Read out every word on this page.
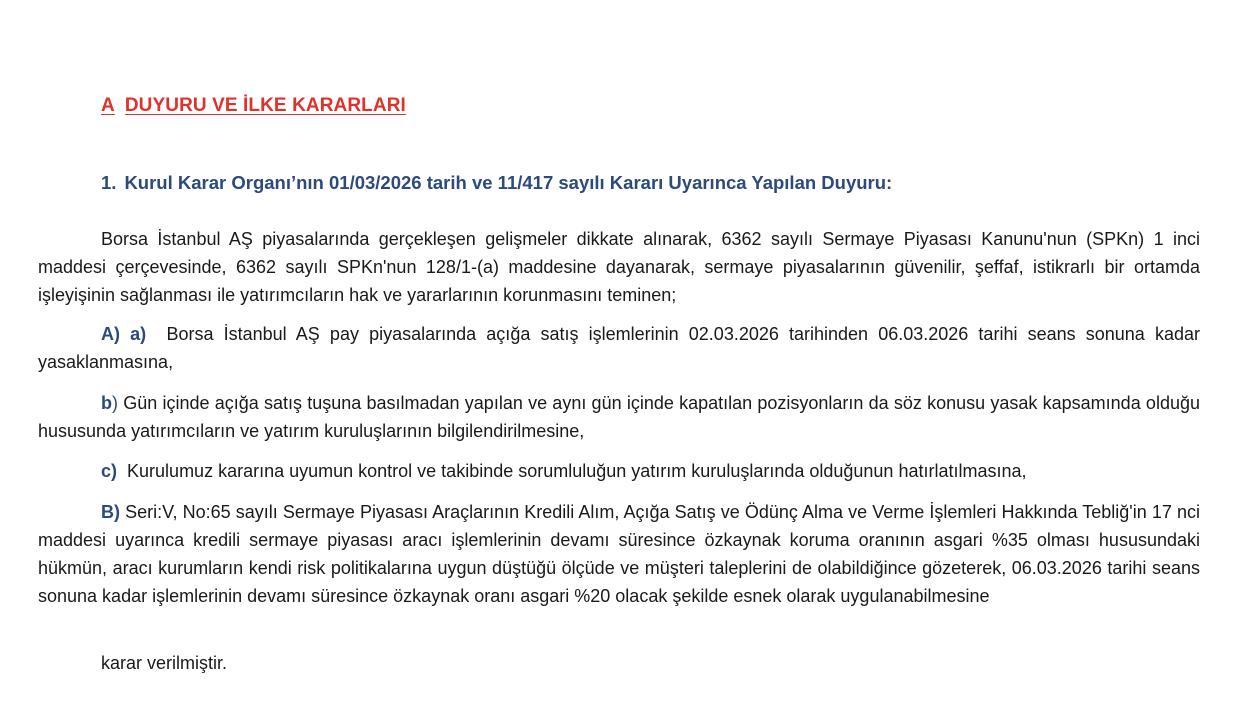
A DUYURU VE İLKE KARARLARI
1. Kurul Karar Organı’nın 01/03/2026 tarih ve 11/417 sayılı Kararı Uyarınca Yapılan Duyuru:

Borsa İstanbul AŞ piyasalarında gerçekleşen gelişmeler dikkate alınarak, 6362 sayılı Sermaye Piyasası Kanunu'nun (SPKn) 1 inci maddesi çerçevesinde, 6362 sayılı SPKn'nun 128/1-(a) maddesine dayanarak, sermaye piyasalarının güvenilir, şeffaf, istikrarlı bir ortamda işleyişinin sağlanması ile yatırımcıların hak ve yararlarının korunmasını teminen;

A) a) Borsa İstanbul AŞ pay piyasalarında açığa satış işlemlerinin 02.03.2026 tarihinden 06.03.2026 tarihi seans sonuna kadar yasaklanmasına,

b) Gün içinde açığa satış tuşuna basılmadan yapılan ve aynı gün içinde kapatılan pozisyonların da söz konusu yasak kapsamında olduğu hususunda yatırımcıların ve yatırım kuruluşlarının bilgilendirilmesine,

c) Kurulumuz kararına uyumun kontrol ve takibinde sorumluluğun yatırım kuruluşlarında olduğunun hatırlatılmasına,

B) Seri:V, No:65 sayılı Sermaye Piyasası Araçlarının Kredili Alım, Açığa Satış ve Ödünç Alma ve Verme İşlemleri Hakkında Tebliğ'in 17 nci maddesi uyarınca kredili sermaye piyasası aracı işlemlerinin devamı süresince özkaynak koruma oranının asgari %35 olması hususundaki hükmün, aracı kurumların kendi risk politikalarına uygun düştüğü ölçüde ve müşteri taleplerini de olabildiğince gözeterek, 06.03.2026 tarihi seans sonuna kadar işlemlerinin devamı süresince özkaynak oranı asgari %20 olacak şekilde esnek olarak uygulanabilmesine

karar verilmiştir.
